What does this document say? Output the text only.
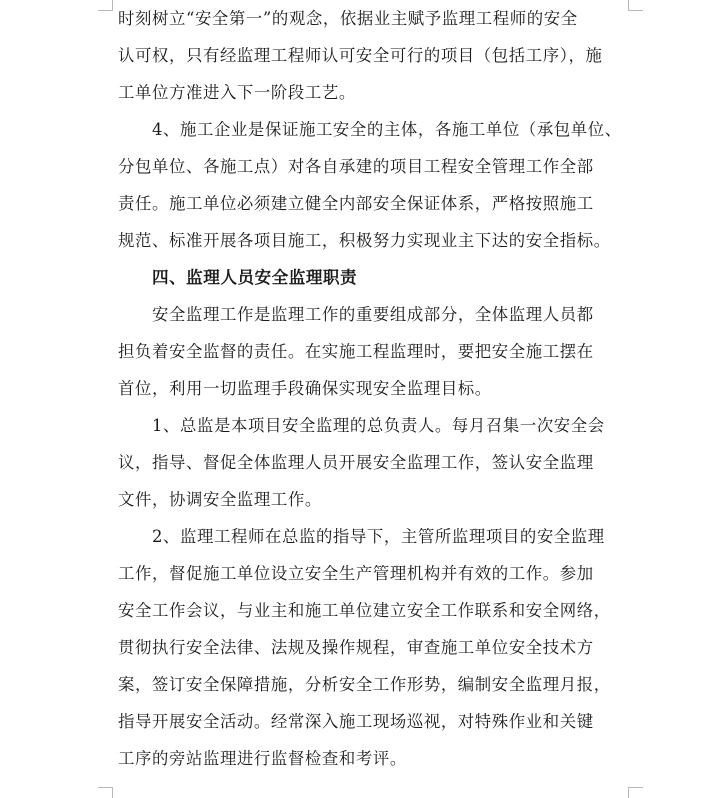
时刻树立“安全第一”的观念，依据业主赋予监理工程师的安全
认可权，只有经监理工程师认可安全可行的项目（包括工序），施
工单位方准进入下一阶段工艺。
4、施工企业是保证施工安全的主体，各施工单位（承包单位、
分包单位、各施工点）对各自承建的项目工程安全管理工作全部
责任。施工单位必须建立健全内部安全保证体系，严格按照施工
规范、标准开展各项目施工，积极努力实现业主下达的安全指标。
四、监理人员安全监理职责
安全监理工作是监理工作的重要组成部分，全体监理人员都
担负着安全监督的责任。在实施工程监理时，要把安全施工摆在
首位，利用一切监理手段确保实现安全监理目标。
1、总监是本项目安全监理的总负责人。每月召集一次安全会
议，指导、督促全体监理人员开展安全监理工作，签认安全监理
文件，协调安全监理工作。
2、监理工程师在总监的指导下，主管所监理项目的安全监理
工作，督促施工单位设立安全生产管理机构并有效的工作。参加
安全工作会议，与业主和施工单位建立安全工作联系和安全网络，
贯彻执行安全法律、法规及操作规程，审查施工单位安全技术方
案，签订安全保障措施，分析安全工作形势，编制安全监理月报，
指导开展安全活动。经常深入施工现场巡视，对特殊作业和关键
工序的旁站监理进行监督检查和考评。
